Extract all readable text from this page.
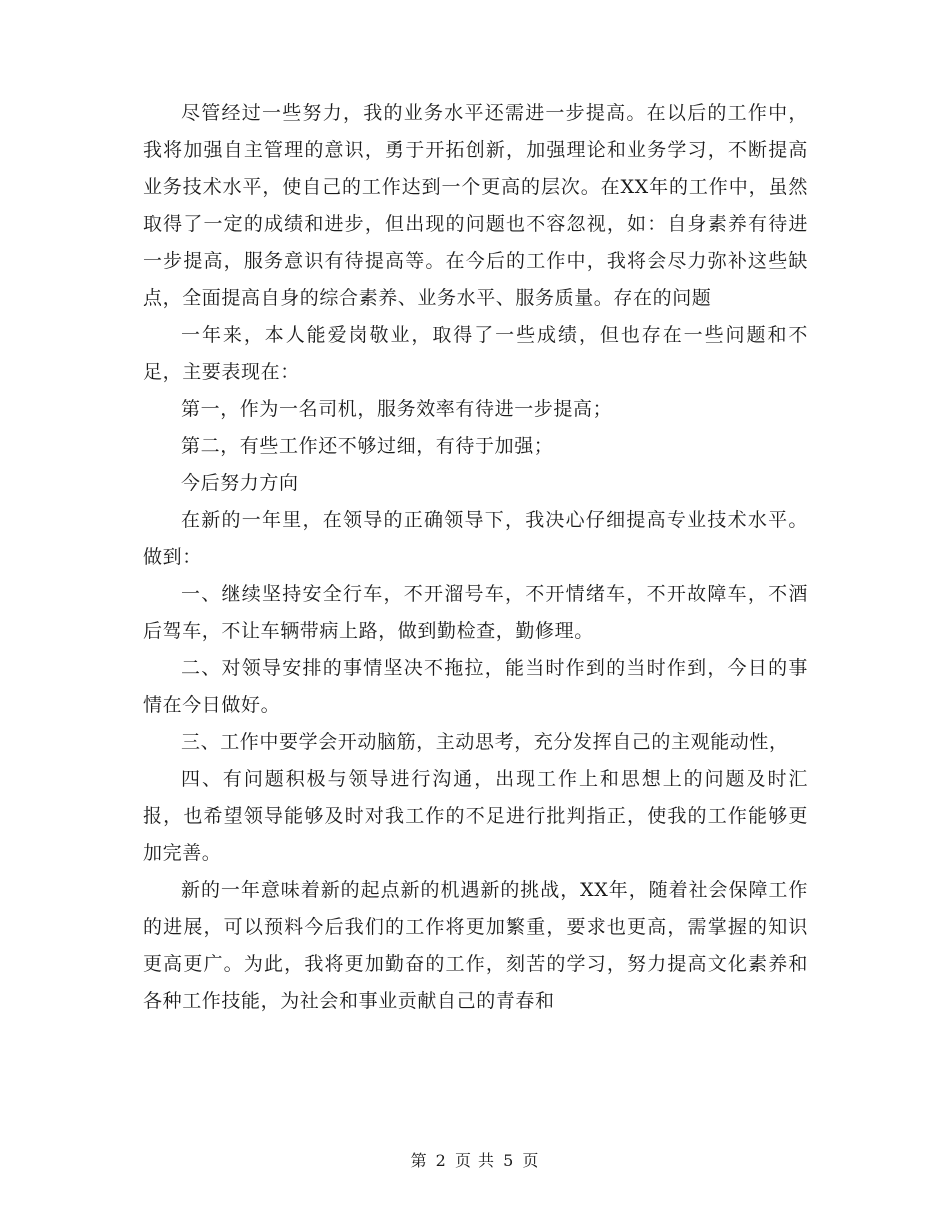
尽管经过一些努力，我的业务水平还需进一步提高。在以后的工作中，我将加强自主管理的意识，勇于开拓创新，加强理论和业务学习，不断提高业务技术水平，使自己的工作达到一个更高的层次。在XX年的工作中，虽然取得了一定的成绩和进步，但出现的问题也不容忽视，如：自身素养有待进一步提高，服务意识有待提高等。在今后的工作中，我将会尽力弥补这些缺点，全面提高自身的综合素养、业务水平、服务质量。存在的问题

一年来，本人能爱岗敬业，取得了一些成绩，但也存在一些问题和不足，主要表现在：

第一，作为一名司机，服务效率有待进一步提高；

第二，有些工作还不够过细，有待于加强；

今后努力方向

在新的一年里，在领导的正确领导下，我决心仔细提高专业技术水平。做到：

一、继续坚持安全行车，不开溜号车，不开情绪车，不开故障车，不酒后驾车，不让车辆带病上路，做到勤检查，勤修理。

二、对领导安排的事情坚决不拖拉，能当时作到的当时作到，今日的事情在今日做好。

三、工作中要学会开动脑筋，主动思考，充分发挥自己的主观能动性，

四、有问题积极与领导进行沟通，出现工作上和思想上的问题及时汇报，也希望领导能够及时对我工作的不足进行批判指正，使我的工作能够更加完善。

新的一年意味着新的起点新的机遇新的挑战，XX年，随着社会保障工作的进展，可以预料今后我们的工作将更加繁重，要求也更高，需掌握的知识更高更广。为此，我将更加勤奋的工作，刻苦的学习，努力提高文化素养和各种工作技能，为社会和事业贡献自己的青春和

第 2 页 共 5 页
